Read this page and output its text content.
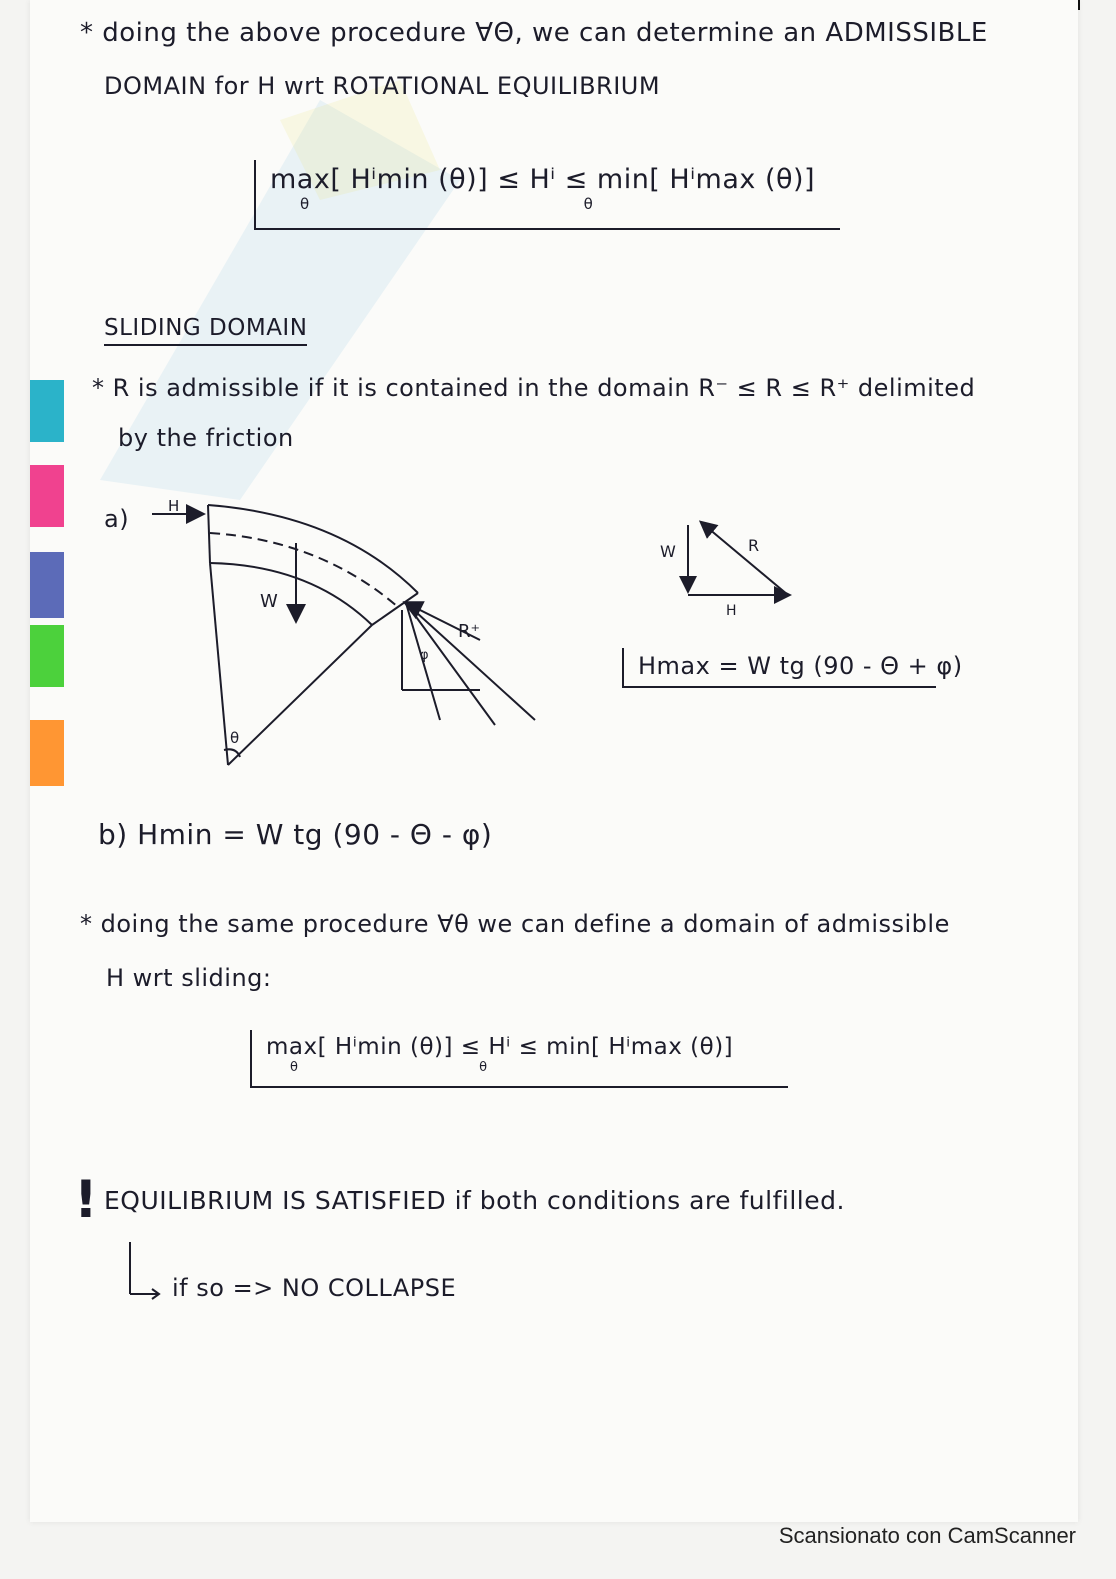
* doing the above procedure ∀Θ, we can determine an ADMISSIBLE
DOMAIN for H wrt ROTATIONAL EQUILIBRIUM
max[ Hⁱmin (θ)] ≤ Hⁱ ≤ min[ Hⁱmax (θ)]
θ                                                    θ
SLIDING DOMAIN
* R is admissible if it is contained in the domain R⁻ ≤ R ≤ R⁺ delimited
by the friction
a)
W
H
R⁺
φ
θ
W	R
H
Hmax = W tg (90 - Θ + φ)
b) Hmin = W tg (90 - Θ - φ)
* doing the same procedure ∀θ we can define a domain of admissible
H wrt sliding:
max[ Hⁱmin (θ)] ≤ Hⁱ ≤ min[ Hⁱmax (θ)]
θ                                       θ
! EQUILIBRIUM IS SATISFIED if both conditions are fulfilled.
if so => NO COLLAPSE
Scansionato con CamScanner
